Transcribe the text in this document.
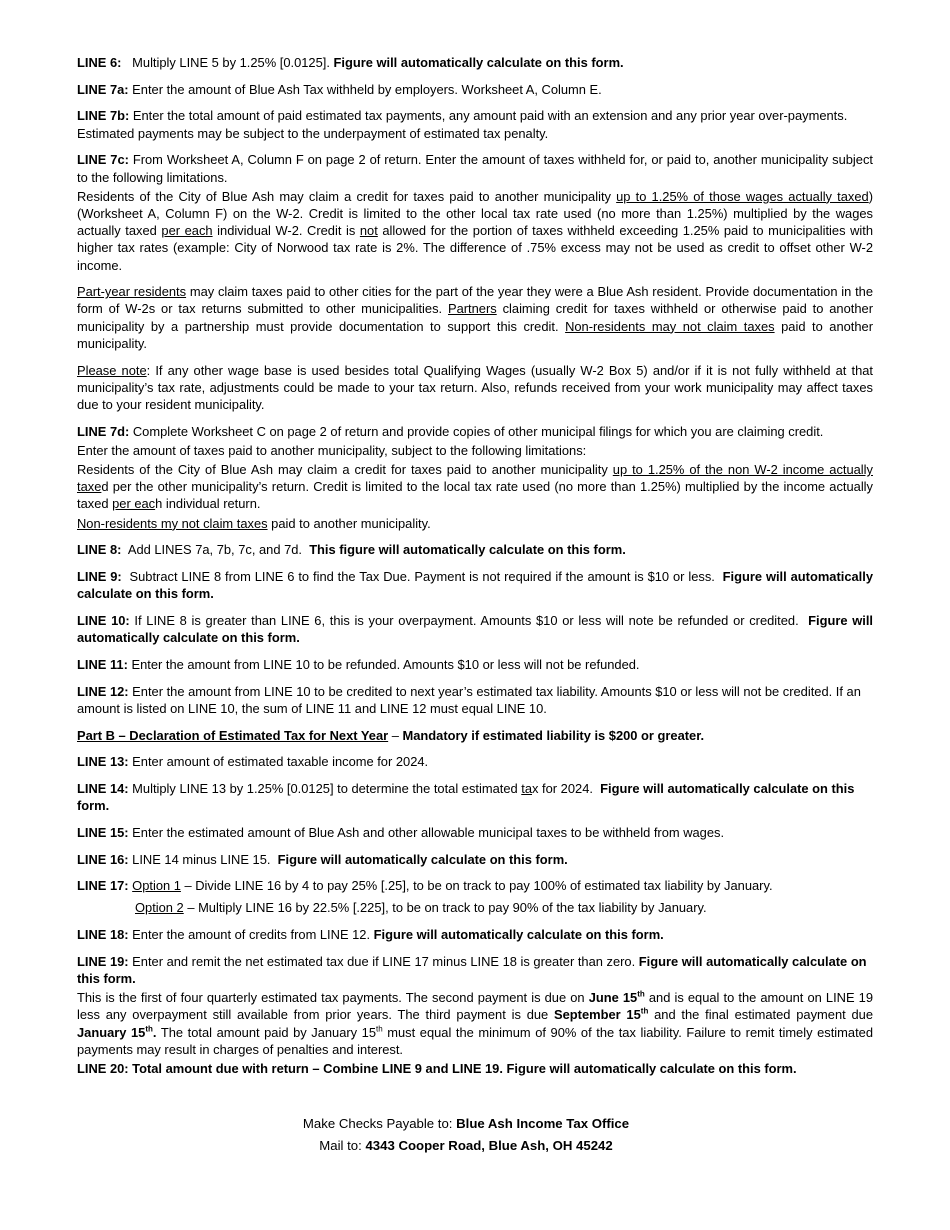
LINE 6: Multiply LINE 5 by 1.25% [0.0125]. Figure will automatically calculate on this form.

LINE 7a: Enter the amount of Blue Ash Tax withheld by employers. Worksheet A, Column E.

LINE 7b: Enter the total amount of paid estimated tax payments, any amount paid with an extension and any prior year over-payments. Estimated payments may be subject to the underpayment of estimated tax penalty.

LINE 7c: From Worksheet A, Column F on page 2 of return. Enter the amount of taxes withheld for, or paid to, another municipality subject to the following limitations.

Residents of the City of Blue Ash may claim a credit for taxes paid to another municipality up to 1.25% of those wages actually taxed) (Worksheet A, Column F) on the W-2. Credit is limited to the other local tax rate used (no more than 1.25%) multiplied by the wages actually taxed per each individual W-2. Credit is not allowed for the portion of taxes withheld exceeding 1.25% paid to municipalities with higher tax rates (example: City of Norwood tax rate is 2%. The difference of .75% excess may not be used as credit to offset other W-2 income.

Part-year residents may claim taxes paid to other cities for the part of the year they were a Blue Ash resident. Provide documentation in the form of W-2s or tax returns submitted to other municipalities. Partners claiming credit for taxes withheld or otherwise paid to another municipality by a partnership must provide documentation to support this credit. Non-residents may not claim taxes paid to another municipality.

Please note: If any other wage base is used besides total Qualifying Wages (usually W-2 Box 5) and/or if it is not fully withheld at that municipality’s tax rate, adjustments could be made to your tax return. Also, refunds received from your work municipality may affect taxes due to your resident municipality.

LINE 7d: Complete Worksheet C on page 2 of return and provide copies of other municipal filings for which you are claiming credit.

Enter the amount of taxes paid to another municipality, subject to the following limitations:

Residents of the City of Blue Ash may claim a credit for taxes paid to another municipality up to 1.25% of the non W-2 income actually taxed per the other municipality’s return. Credit is limited to the local tax rate used (no more than 1.25%) multiplied by the income actually taxed per each individual return.

Non-residents my not claim taxes paid to another municipality.

LINE 8: Add LINES 7a, 7b, 7c, and 7d. This figure will automatically calculate on this form.

LINE 9: Subtract LINE 8 from LINE 6 to find the Tax Due. Payment is not required if the amount is $10 or less. Figure will automatically calculate on this form.

LINE 10: If LINE 8 is greater than LINE 6, this is your overpayment. Amounts $10 or less will note be refunded or credited. Figure will automatically calculate on this form.

LINE 11: Enter the amount from LINE 10 to be refunded. Amounts $10 or less will not be refunded.

LINE 12: Enter the amount from LINE 10 to be credited to next year’s estimated tax liability. Amounts $10 or less will not be credited. If an amount is listed on LINE 10, the sum of LINE 11 and LINE 12 must equal LINE 10.

Part B – Declaration of Estimated Tax for Next Year – Mandatory if estimated liability is $200 or greater.

LINE 13: Enter amount of estimated taxable income for 2024.

LINE 14: Multiply LINE 13 by 1.25% [0.0125] to determine the total estimated tax for 2024. Figure will automatically calculate on this form.

LINE 15: Enter the estimated amount of Blue Ash and other allowable municipal taxes to be withheld from wages.

LINE 16: LINE 14 minus LINE 15. Figure will automatically calculate on this form.

LINE 17: Option 1 – Divide LINE 16 by 4 to pay 25% [.25], to be on track to pay 100% of estimated tax liability by January.

Option 2 – Multiply LINE 16 by 22.5% [.225], to be on track to pay 90% of the tax liability by January.

LINE 18: Enter the amount of credits from LINE 12. Figure will automatically calculate on this form.

LINE 19: Enter and remit the net estimated tax due if LINE 17 minus LINE 18 is greater than zero. Figure will automatically calculate on this form.

This is the first of four quarterly estimated tax payments. The second payment is due on June 15th and is equal to the amount on LINE 19 less any overpayment still available from prior years. The third payment is due September 15th and the final estimated payment due January 15th. The total amount paid by January 15th must equal the minimum of 90% of the tax liability. Failure to remit timely estimated payments may result in charges of penalties and interest.

LINE 20: Total amount due with return – Combine LINE 9 and LINE 19. Figure will automatically calculate on this form.

Make Checks Payable to: Blue Ash Income Tax Office
Mail to: 4343 Cooper Road, Blue Ash, OH 45242
